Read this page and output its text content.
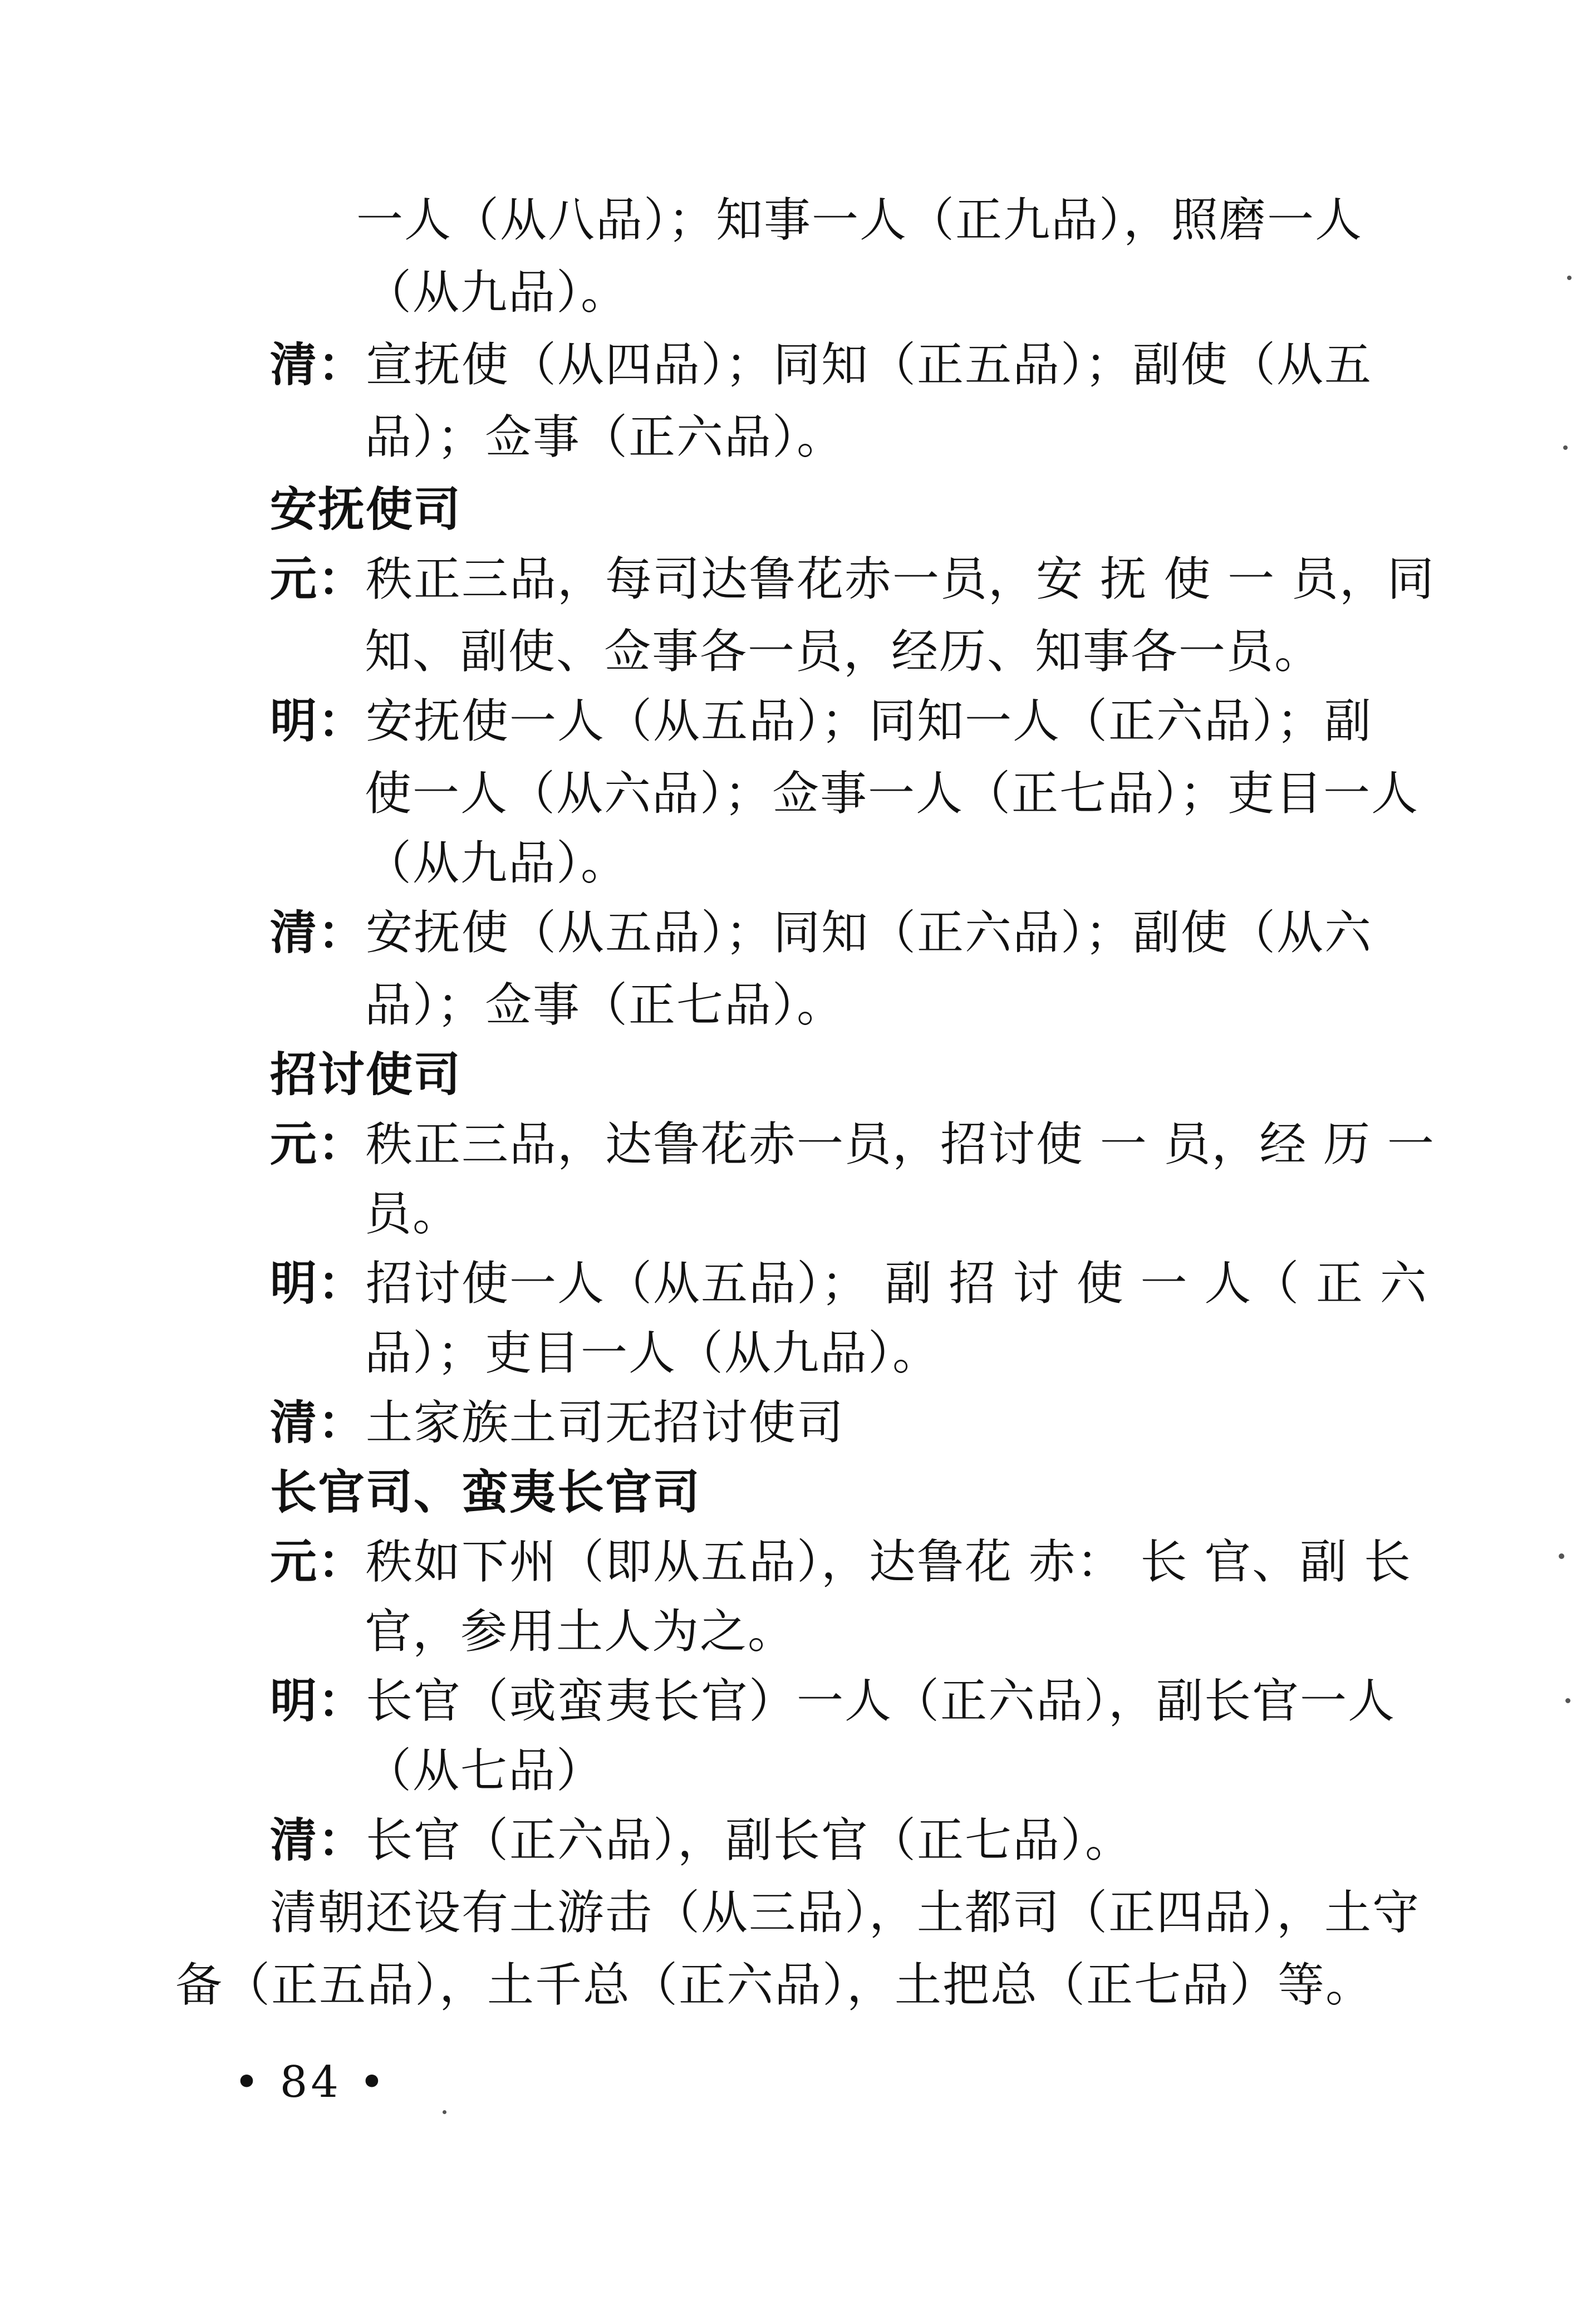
一人（从八品）；知事一人（正九品），照磨一人
（从九品）。
清：宣抚使（从四品）；同知（正五品）；副使（从五
品）；佥事（正六品）。
安抚使司
元：秩正三品，每司达鲁花赤一员，安 抚 使 一 员，同
知、副使、佥事各一员，经历、知事各一员。
明：安抚使一人（从五品）；同知一人（正六品）；副
使一人（从六品）；佥事一人（正七品）；吏目一人
（从九品）。
清：安抚使（从五品）；同知（正六品）；副使（从六
品）；佥事（正七品）。
招讨使司
元：秩正三品，达鲁花赤一员，招讨使 一 员，经 历 一
员。
明：招讨使一人（从五品）； 副 招 讨 使 一 人（ 正 六
品）；吏目一人（从九品）。
清：土家族土司无招讨使司
长官司、蛮夷长官司
元：秩如下州（即从五品），达鲁花 赤： 长 官、副 长
官，参用土人为之。
明：长官（或蛮夷长官）一人（正六品），副长官一人
（从七品）
清：长官（正六品），副长官（正七品）。
清朝还设有土游击（从三品），土都司（正四品），土守
备（正五品），土千总（正六品），土把总（正七品）等。
• 84 •
